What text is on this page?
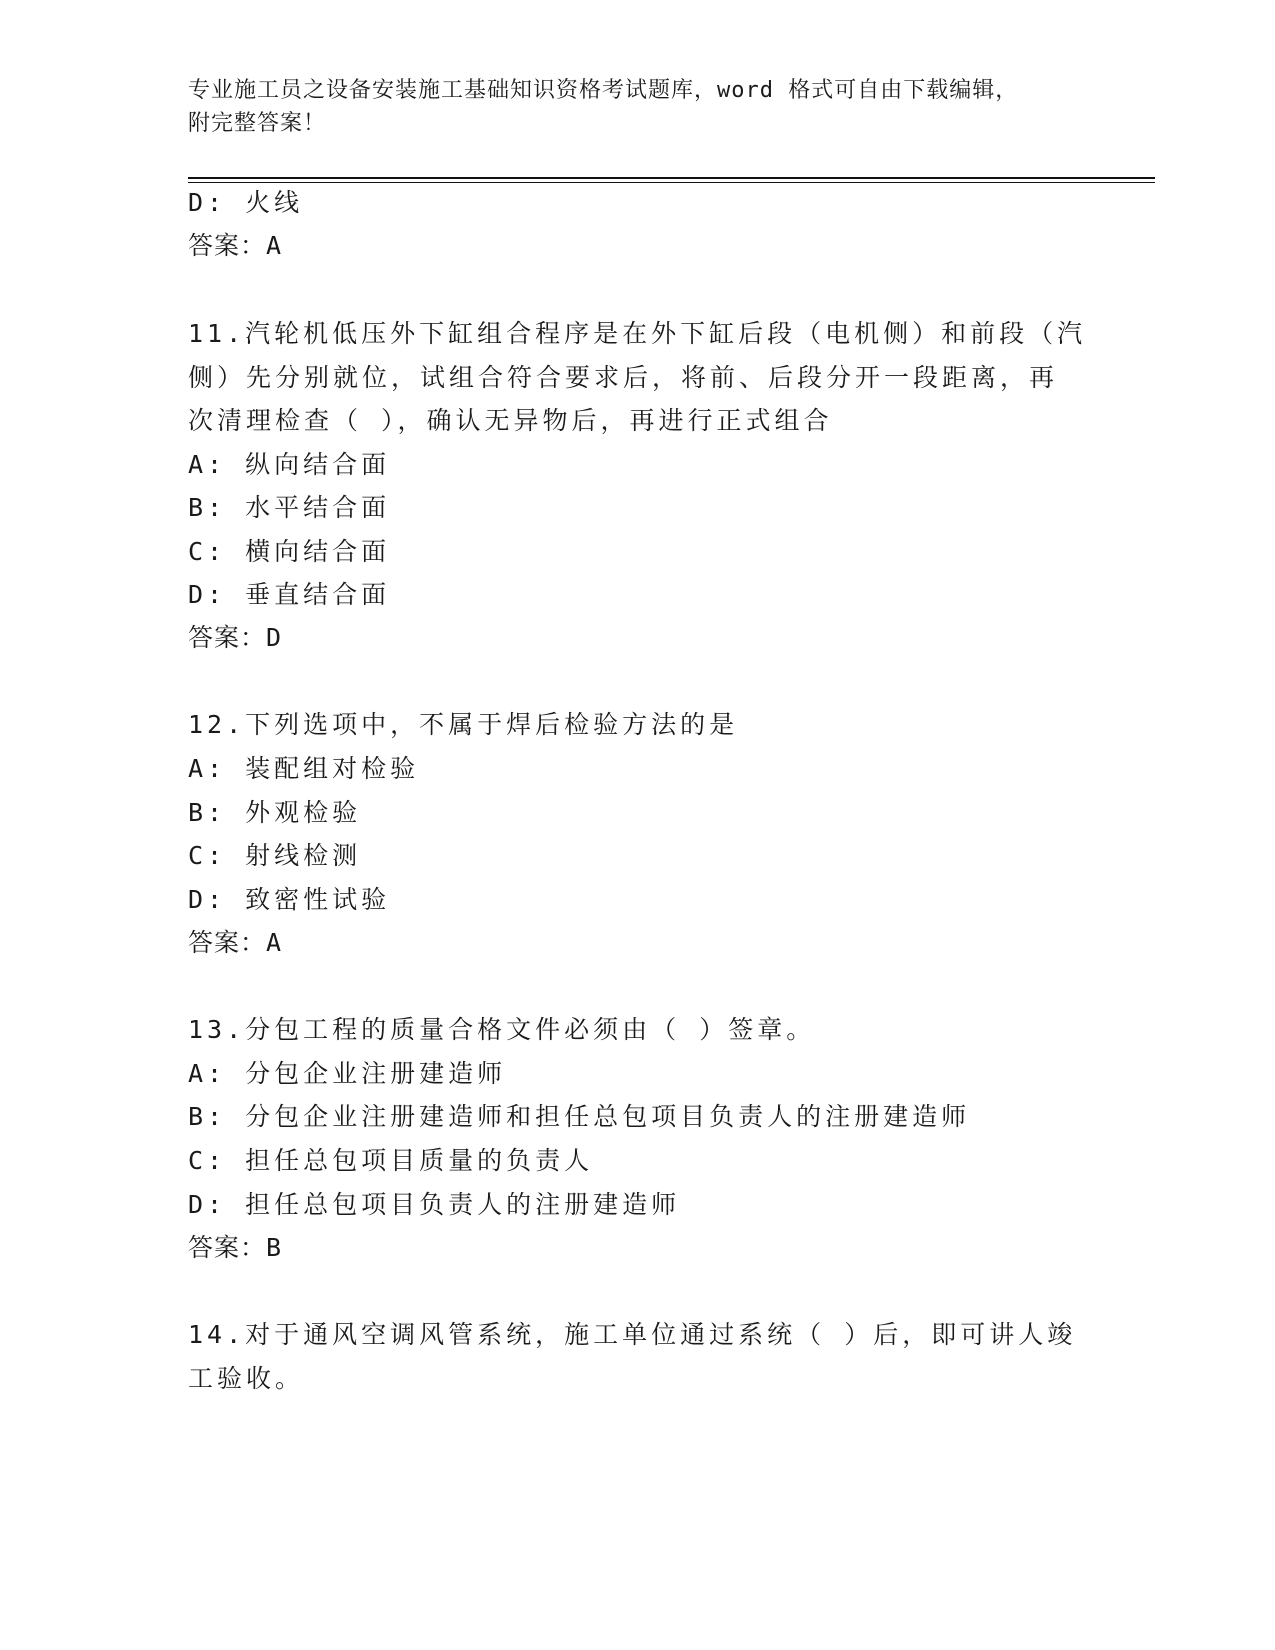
专业施工员之设备安装施工基础知识资格考试题库，word 格式可自由下载编辑，
附完整答案！
D: 火线
答案：A
11.汽轮机低压外下缸组合程序是在外下缸后段（电机侧）和前段（汽
侧）先分别就位，试组合符合要求后，将前、后段分开一段距离，再
次清理检查（ ），确认无异物后，再进行正式组合
A: 纵向结合面
B: 水平结合面
C: 横向结合面
D: 垂直结合面
答案：D
12.下列选项中，不属于焊后检验方法的是
A: 装配组对检验
B: 外观检验
C: 射线检测
D: 致密性试验
答案：A
13.分包工程的质量合格文件必须由（ ）签章。
A: 分包企业注册建造师
B: 分包企业注册建造师和担任总包项目负责人的注册建造师
C: 担任总包项目质量的负责人
D: 担任总包项目负责人的注册建造师
答案：B
14.对于通风空调风管系统，施工单位通过系统（ ）后，即可讲人竣
工验收。
